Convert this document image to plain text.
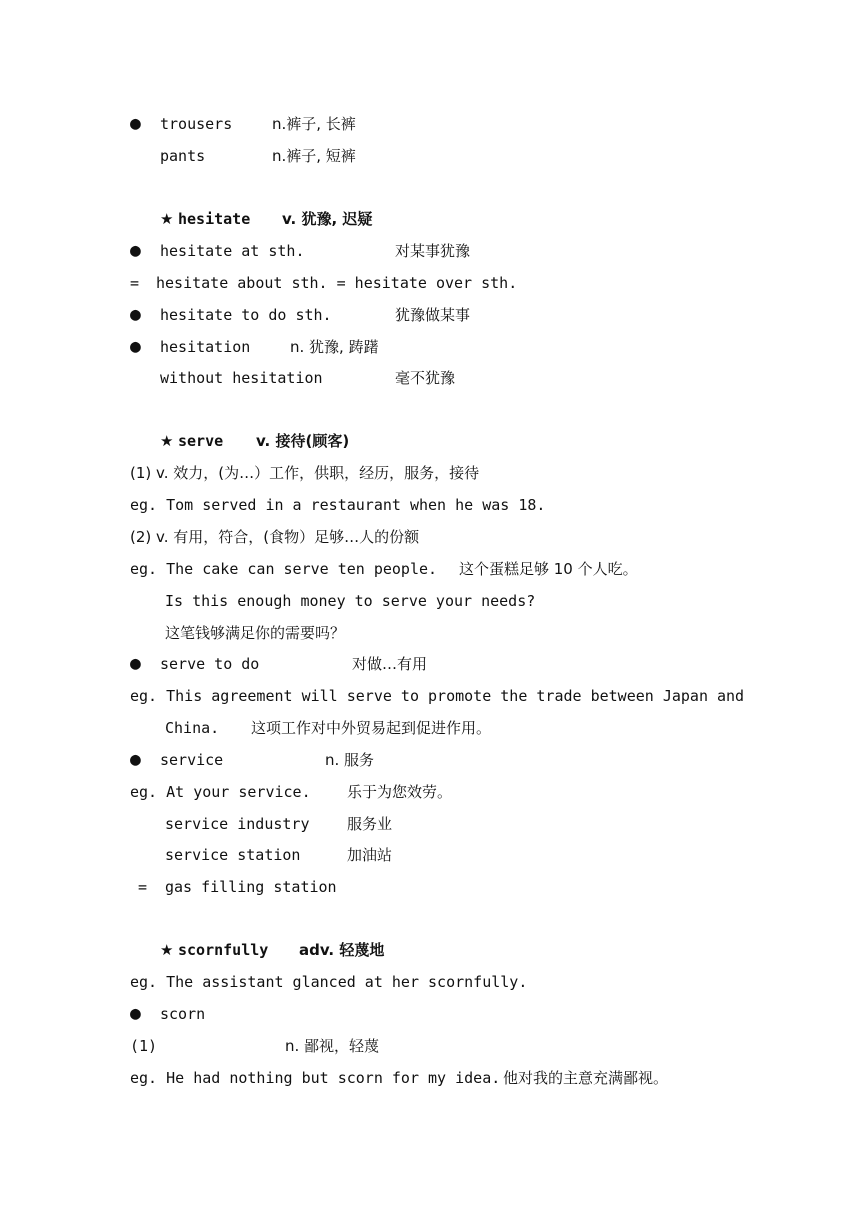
● trousers	n.裤子, 长裤
pants	n.裤子, 短裤
★ hesitate v. 犹豫, 迟疑
● hesitate at sth.	对某事犹豫
= hesitate about sth. = hesitate over sth.
● hesitate to do sth.	犹豫做某事
● hesitation	n. 犹豫, 踌躇
without hesitation	毫不犹豫
★ serve v. 接待(顾客)
(1) v. 效力，(为…）工作，供职，经历，服务，接待
eg. Tom served in a restaurant when he was 18.
(2) v. 有用，符合，(食物）足够…人的份额
eg. The cake can serve ten people. 这个蛋糕足够 10 个人吃。
Is this enough money to serve your needs?
这笔钱够满足你的需要吗？
● serve to do	对做…有用
eg. This agreement will serve to promote the trade between Japan and
China. 这项工作对中外贸易起到促进作用。
● service	n. 服务
eg. At your service. 乐于为您效劳。
service industry	服务业
service station	加油站
= gas filling station
★ scornfully adv. 轻蔑地
eg. The assistant glanced at her scornfully.
● scorn
(1)	n. 鄙视，轻蔑
eg. He had nothing but scorn for my idea. 他对我的主意充满鄙视。
